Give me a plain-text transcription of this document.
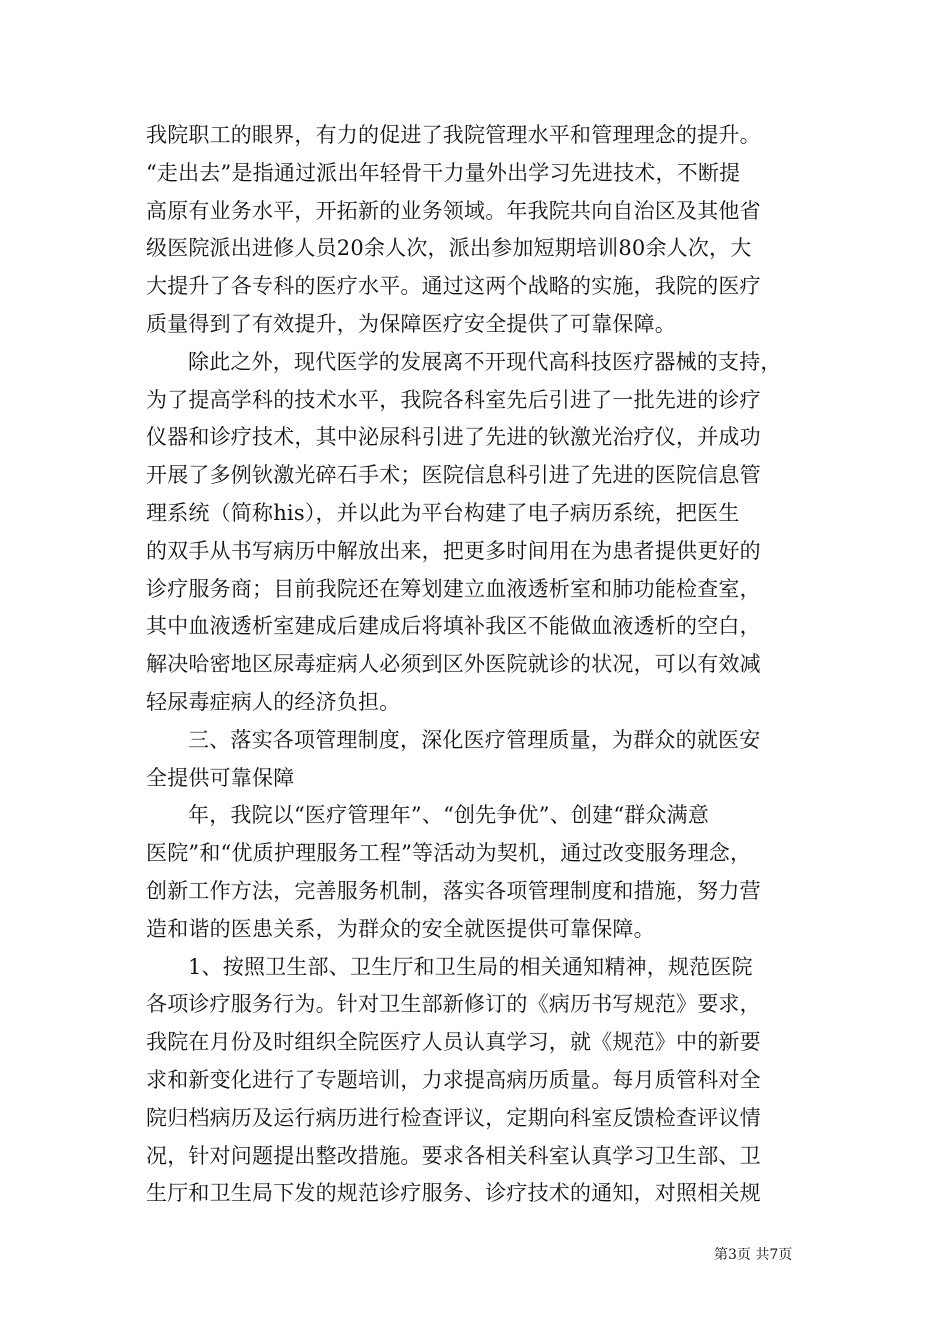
我院职工的眼界，有力的促进了我院管理水平和管理理念的提升。
“走出去”是指通过派出年轻骨干力量外出学习先进技术，不断提
高原有业务水平，开拓新的业务领域。年我院共向自治区及其他省
级医院派出进修人员20余人次，派出参加短期培训80余人次，大
大提升了各专科的医疗水平。通过这两个战略的实施，我院的医疗
质量得到了有效提升，为保障医疗安全提供了可靠保障。
除此之外，现代医学的发展离不开现代高科技医疗器械的支持，
为了提高学科的技术水平，我院各科室先后引进了一批先进的诊疗
仪器和诊疗技术，其中泌尿科引进了先进的钬激光治疗仪，并成功
开展了多例钬激光碎石手术；医院信息科引进了先进的医院信息管
理系统（简称his），并以此为平台构建了电子病历系统，把医生
的双手从书写病历中解放出来，把更多时间用在为患者提供更好的
诊疗服务商；目前我院还在筹划建立血液透析室和肺功能检查室，
其中血液透析室建成后建成后将填补我区不能做血液透析的空白，
解决哈密地区尿毒症病人必须到区外医院就诊的状况，可以有效减
轻尿毒症病人的经济负担。
三、落实各项管理制度，深化医疗管理质量，为群众的就医安
全提供可靠保障
年，我院以“医疗管理年”、“创先争优”、创建“群众满意
医院”和“优质护理服务工程”等活动为契机，通过改变服务理念，
创新工作方法，完善服务机制，落实各项管理制度和措施，努力营
造和谐的医患关系，为群众的安全就医提供可靠保障。
1、按照卫生部、卫生厅和卫生局的相关通知精神，规范医院
各项诊疗服务行为。针对卫生部新修订的《病历书写规范》要求，
我院在月份及时组织全院医疗人员认真学习，就《规范》中的新要
求和新变化进行了专题培训，力求提高病历质量。每月质管科对全
院归档病历及运行病历进行检查评议，定期向科室反馈检查评议情
况，针对问题提出整改措施。要求各相关科室认真学习卫生部、卫
生厅和卫生局下发的规范诊疗服务、诊疗技术的通知，对照相关规
第3页 共7页
